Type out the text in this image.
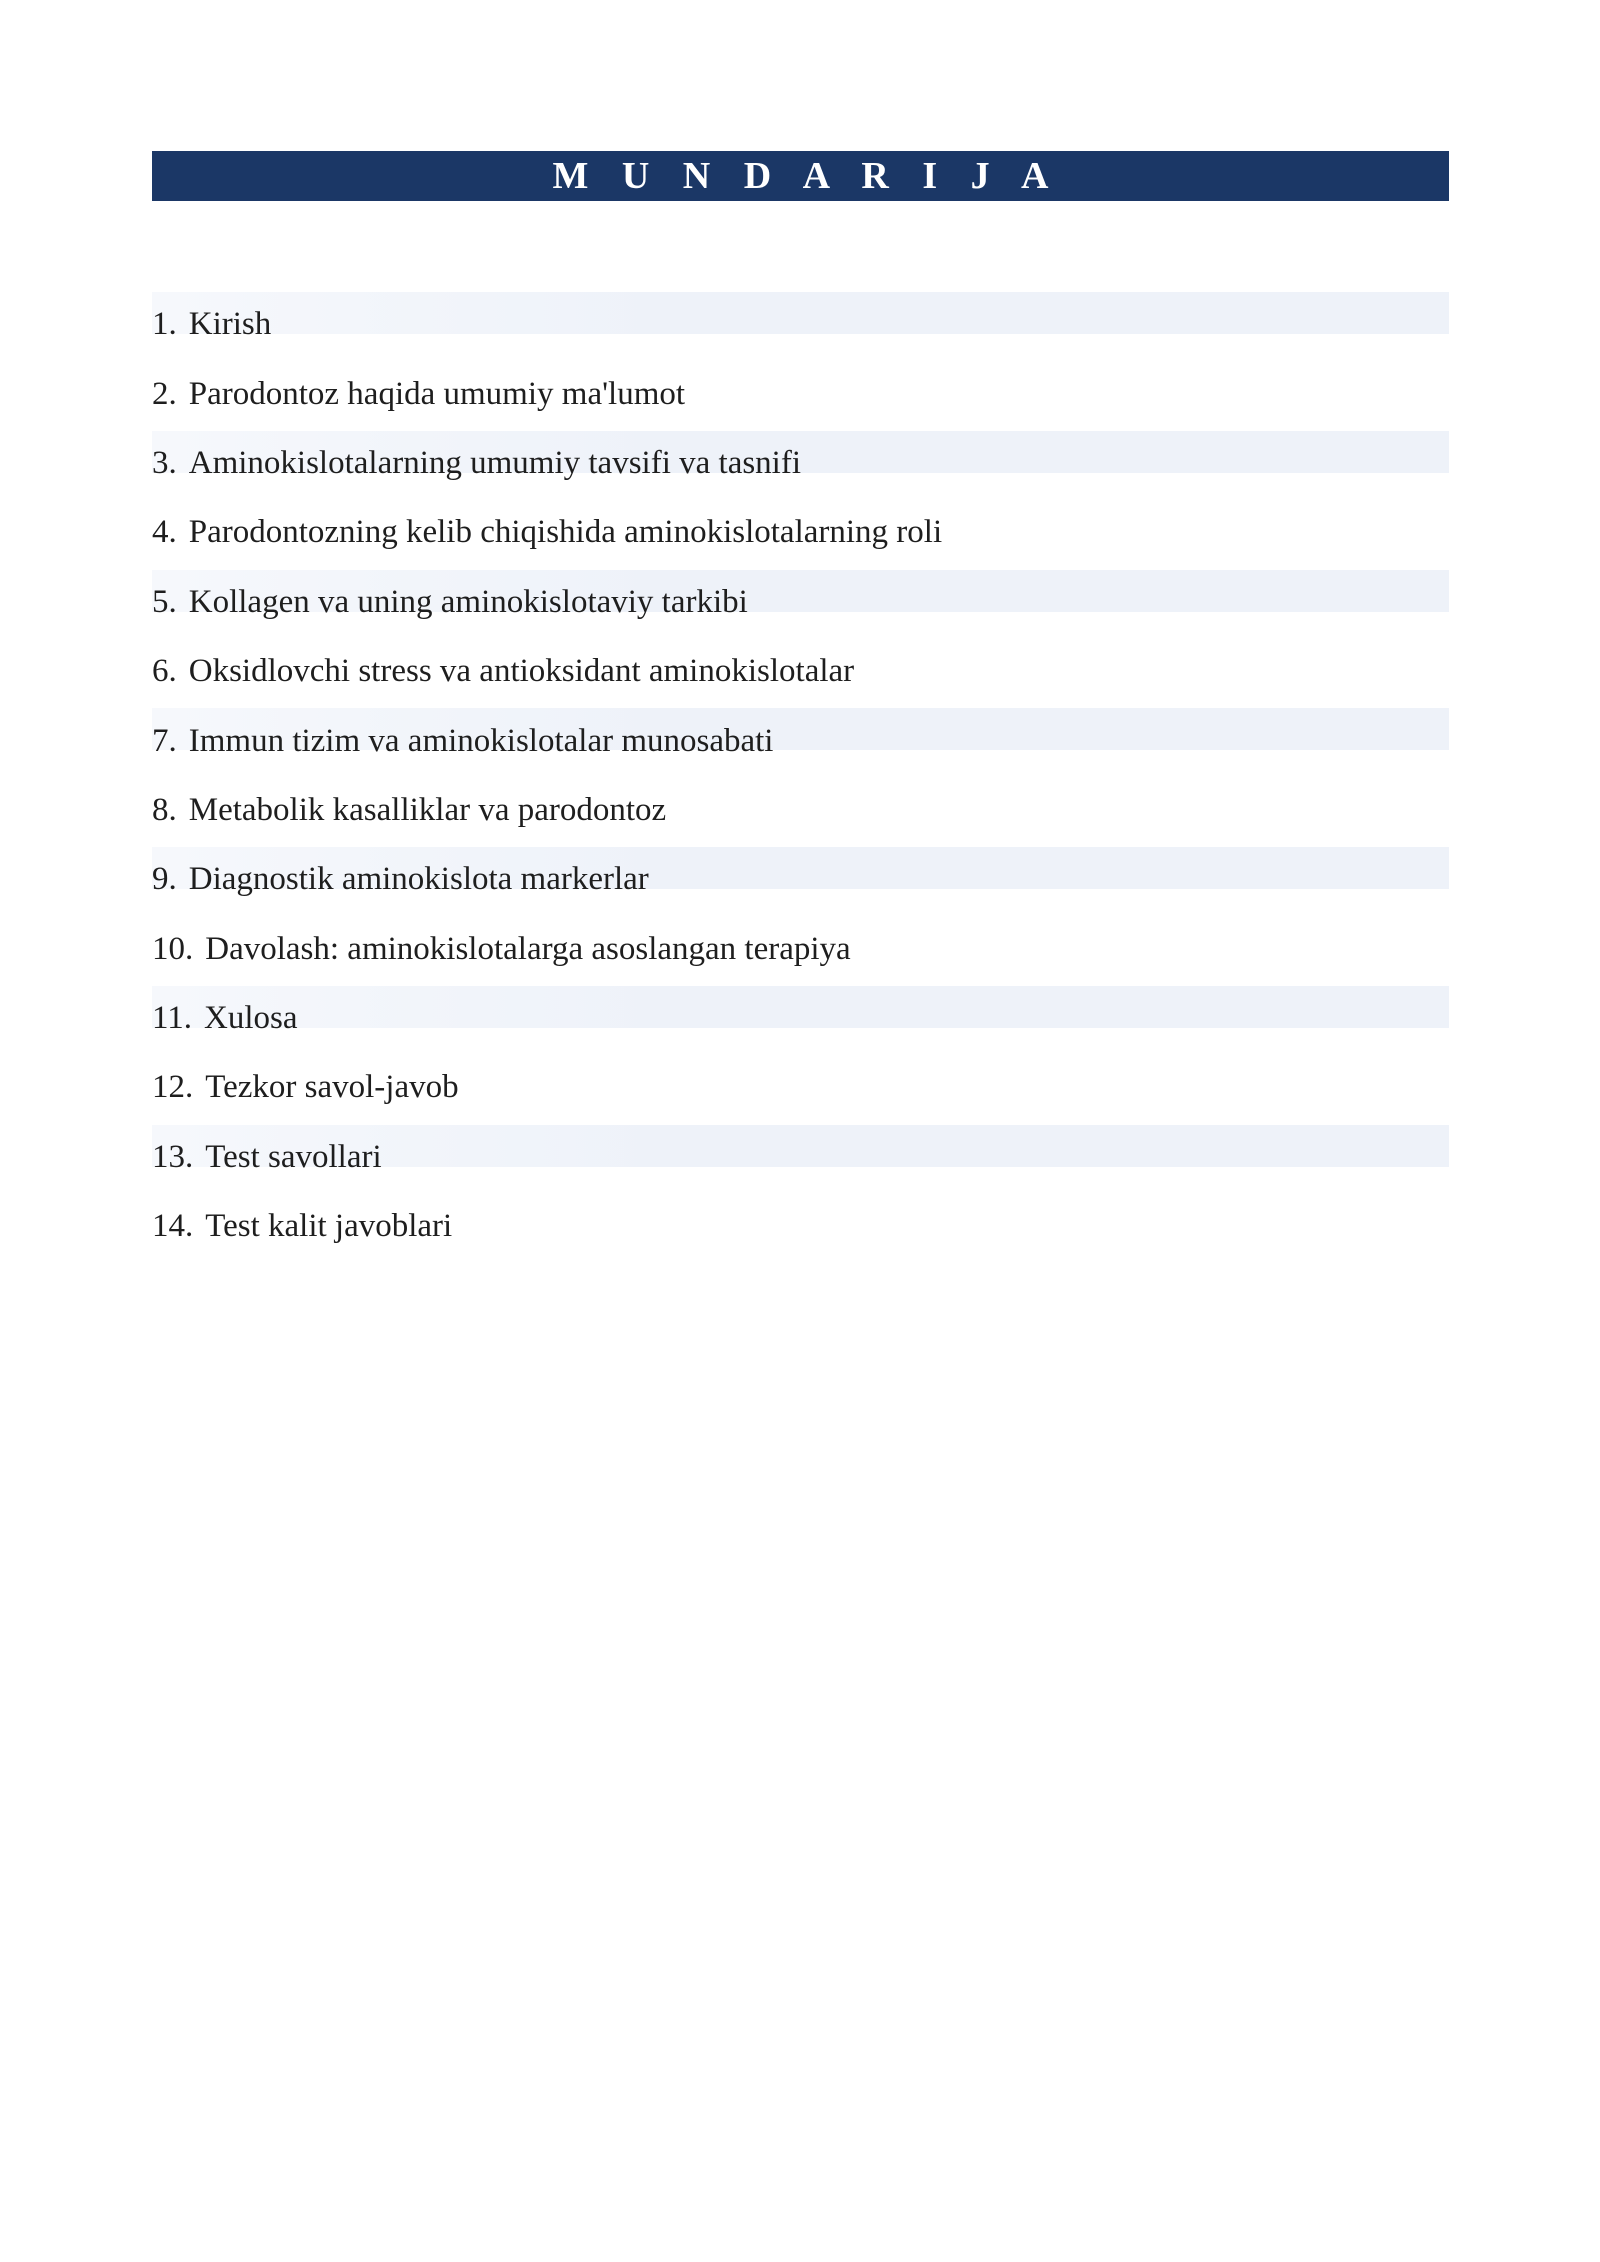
M U N D A R I J A
1. Kirish
2. Parodontoz haqida umumiy ma'lumot
3. Aminokislotalarning umumiy tavsifi va tasnifi
4. Parodontozning kelib chiqishida aminokislotalarning roli
5. Kollagen va uning aminokislotaviy tarkibi
6. Oksidlovchi stress va antioksidant aminokislotalar
7. Immun tizim va aminokislotalar munosabati
8. Metabolik kasalliklar va parodontoz
9. Diagnostik aminokislota markerlar
10. Davolash: aminokislotalarga asoslangan terapiya
11. Xulosa
12. Tezkor savol-javob
13. Test savollari
14. Test kalit javoblari
